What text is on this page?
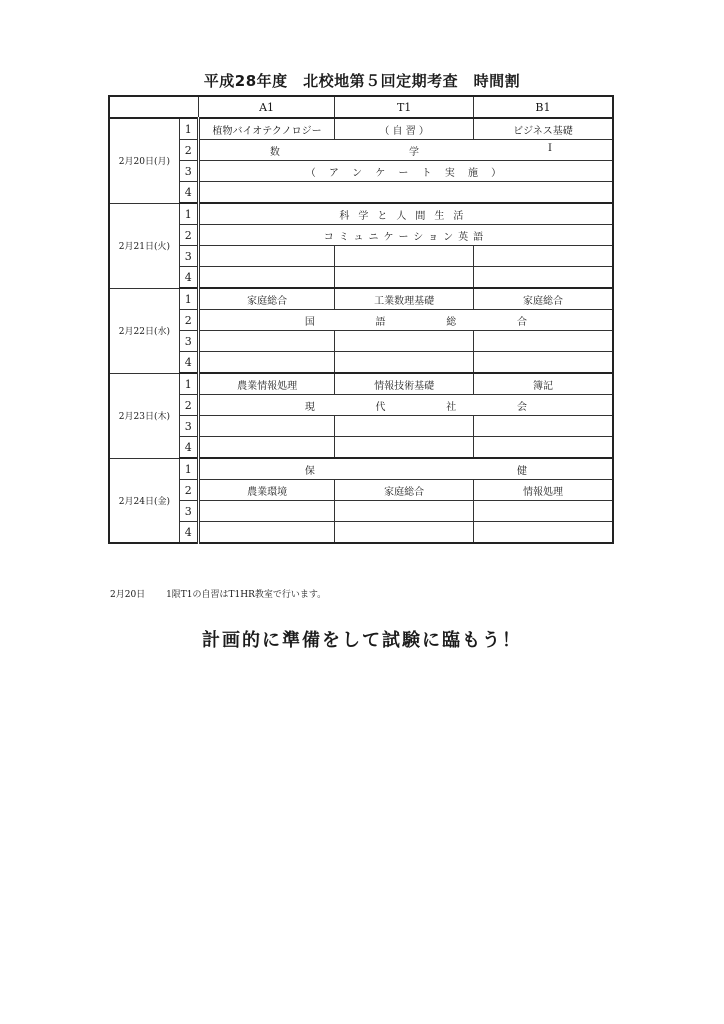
平成28年度　北校地第５回定期考査　時間割
		A1	T1	B1
2月20日(月)	1	植物バイオテクノロジー	（ 自 習 ）	ビジネス基礎
	2	数 学 Ⅰ		

	3	（ ア ン ケ ー ト 実 施 ）		
	4			
2月21日(火)	1	科学と人間生活		
	2	コミュニケーション英語		
	3			
	4			
2月22日(水)	1	家庭総合	工業数理基礎	家庭総合
	2	国 語 総 合		

	3			
	4			
2月23日(木)	1	農業情報処理	情報技術基礎	簿記
	2	現 代 社 会		

	3			
	4			
2月24日(金)	1	保 健		

	2	農業環境	家庭総合	情報処理
	3			
	4			
2月20日 1限T1の自習はT1HR教室で行います。
計画的に準備をして試験に臨もう！
